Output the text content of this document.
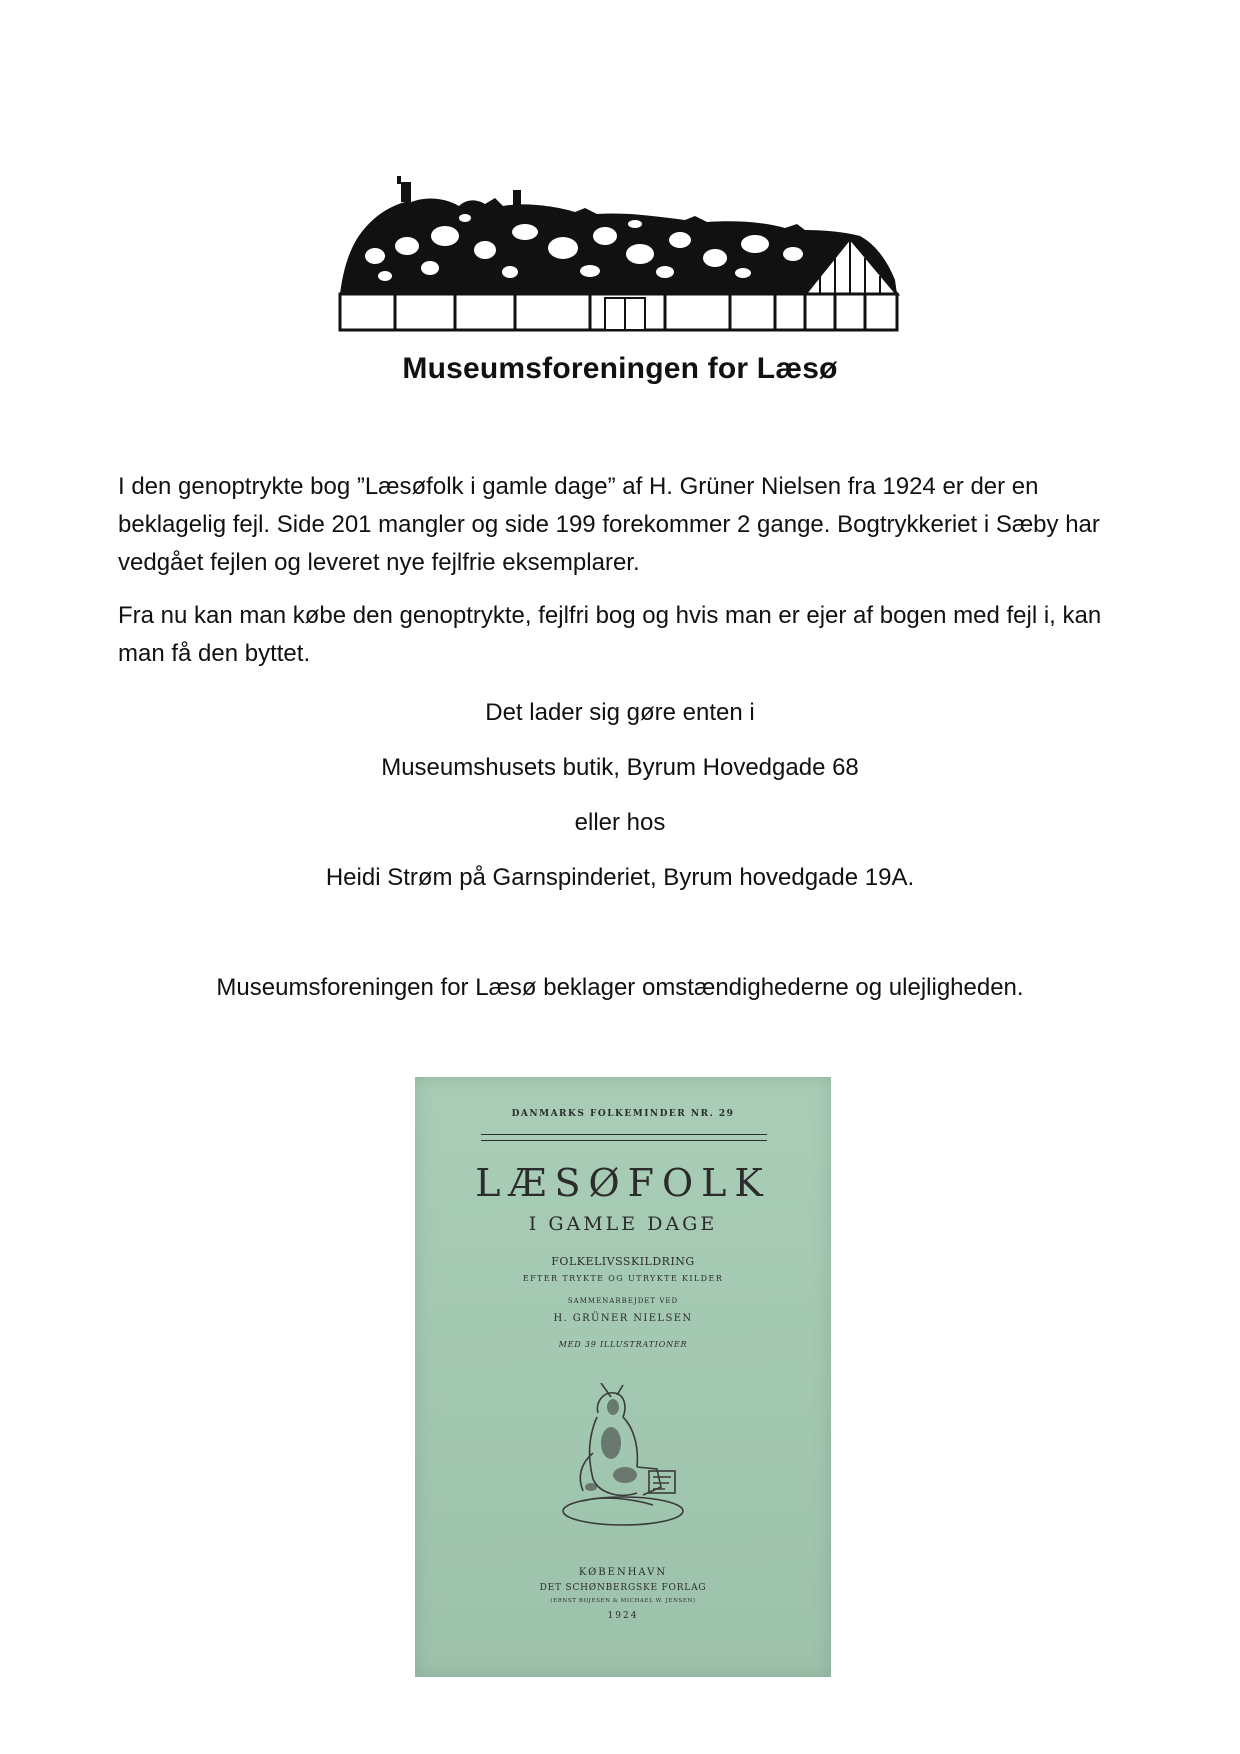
Museumsforeningen for Læsø

I den genoptrykte bog ”Læsøfolk i gamle dage” af H. Grüner Nielsen fra 1924 er der en beklagelig fejl. Side 201 mangler og side 199 forekommer 2 gange. Bogtrykkeriet i Sæby har vedgået fejlen og leveret nye fejlfrie eksemplarer.

Fra nu kan man købe den genoptrykte, fejlfri bog og hvis man er ejer af bogen med fejl i, kan man få den byttet.

Det lader sig gøre enten i

Museumshusets butik, Byrum Hovedgade 68

eller hos

Heidi Strøm på Garnspinderiet, Byrum hovedgade 19A.

Museumsforeningen for Læsø beklager omstændighederne og ulejligheden.

DANMARKS FOLKEMINDER NR. 29

LÆSØFOLK

I GAMLE DAGE

FOLKELIVSSKILDRING

EFTER TRYKTE OG UTRYKTE KILDER

SAMMENARBEJDET VED

H. GRÜNER NIELSEN

MED 39 ILLUSTRATIONER

KØBENHAVN

DET SCHØNBERGSKE FORLAG

(ERNST BOJESEN & MICHAEL W. JENSEN)

1924
